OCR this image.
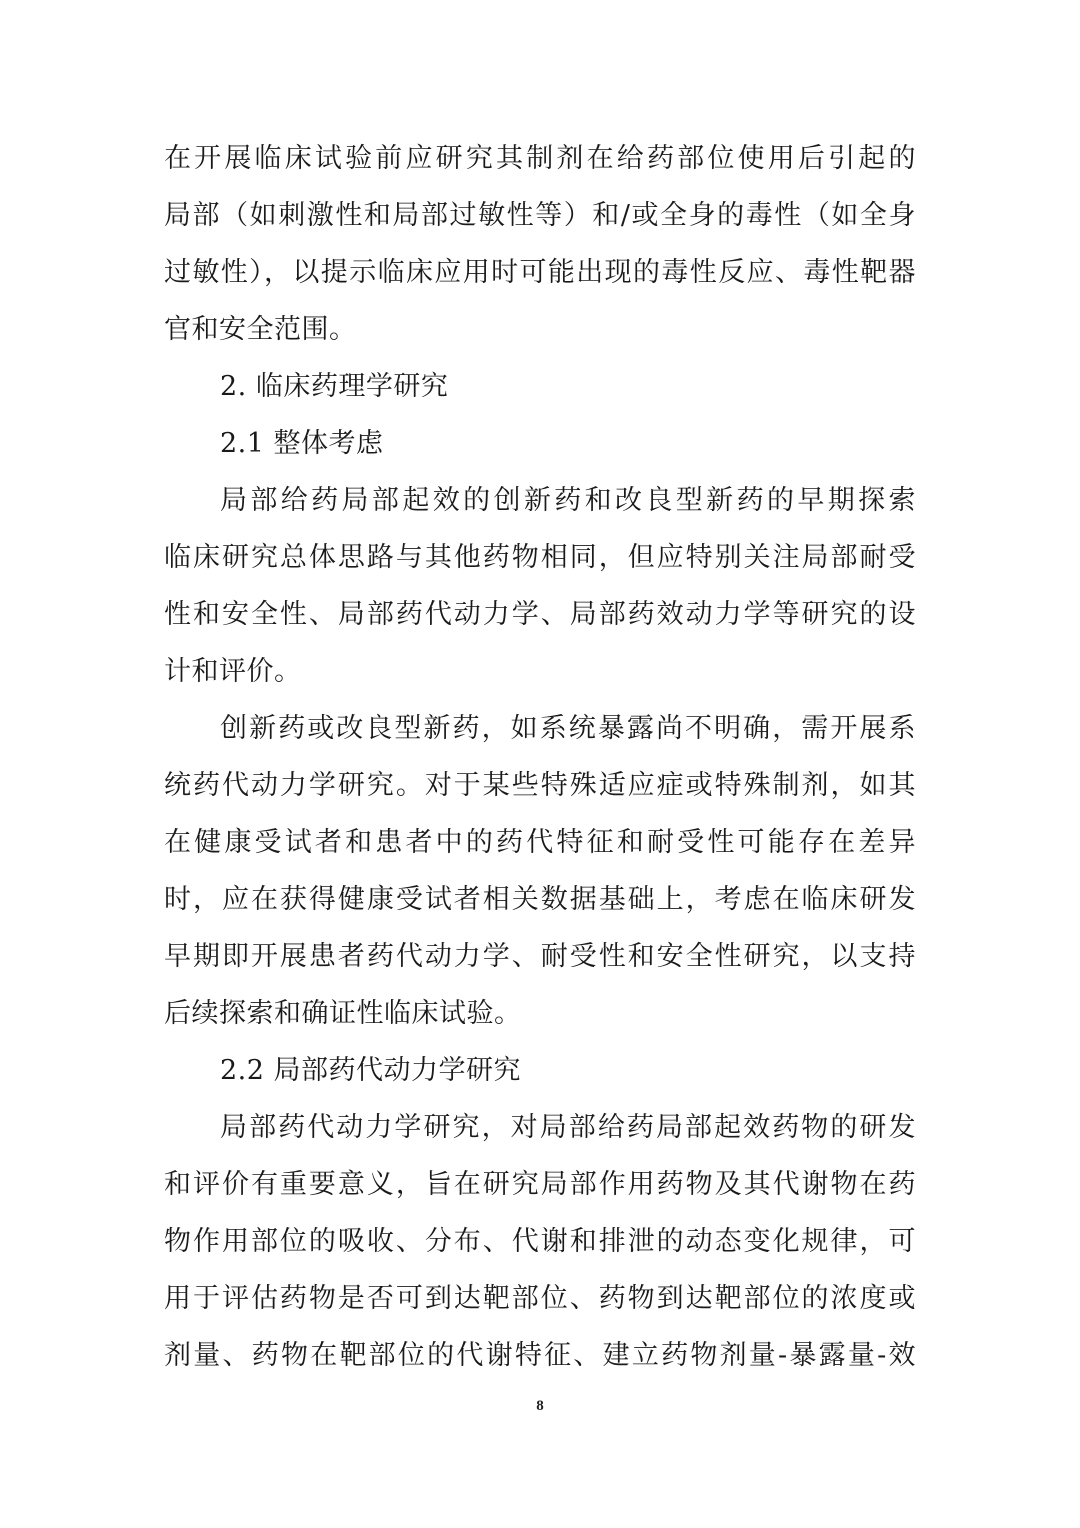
在开展临床试验前应研究其制剂在给药部位使用后引起的
局部（如刺激性和局部过敏性等）和/或全身的毒性（如全身
过敏性），以提示临床应用时可能出现的毒性反应、毒性靶器
官和安全范围。
2. 临床药理学研究
2.1 整体考虑
局部给药局部起效的创新药和改良型新药的早期探索
临床研究总体思路与其他药物相同，但应特别关注局部耐受
性和安全性、局部药代动力学、局部药效动力学等研究的设
计和评价。
创新药或改良型新药，如系统暴露尚不明确，需开展系
统药代动力学研究。对于某些特殊适应症或特殊制剂，如其
在健康受试者和患者中的药代特征和耐受性可能存在差异
时，应在获得健康受试者相关数据基础上，考虑在临床研发
早期即开展患者药代动力学、耐受性和安全性研究，以支持
后续探索和确证性临床试验。
2.2 局部药代动力学研究
局部药代动力学研究，对局部给药局部起效药物的研发
和评价有重要意义，旨在研究局部作用药物及其代谢物在药
物作用部位的吸收、分布、代谢和排泄的动态变化规律，可
用于评估药物是否可到达靶部位、药物到达靶部位的浓度或
剂量、药物在靶部位的代谢特征、建立药物剂量-暴露量-效
8
